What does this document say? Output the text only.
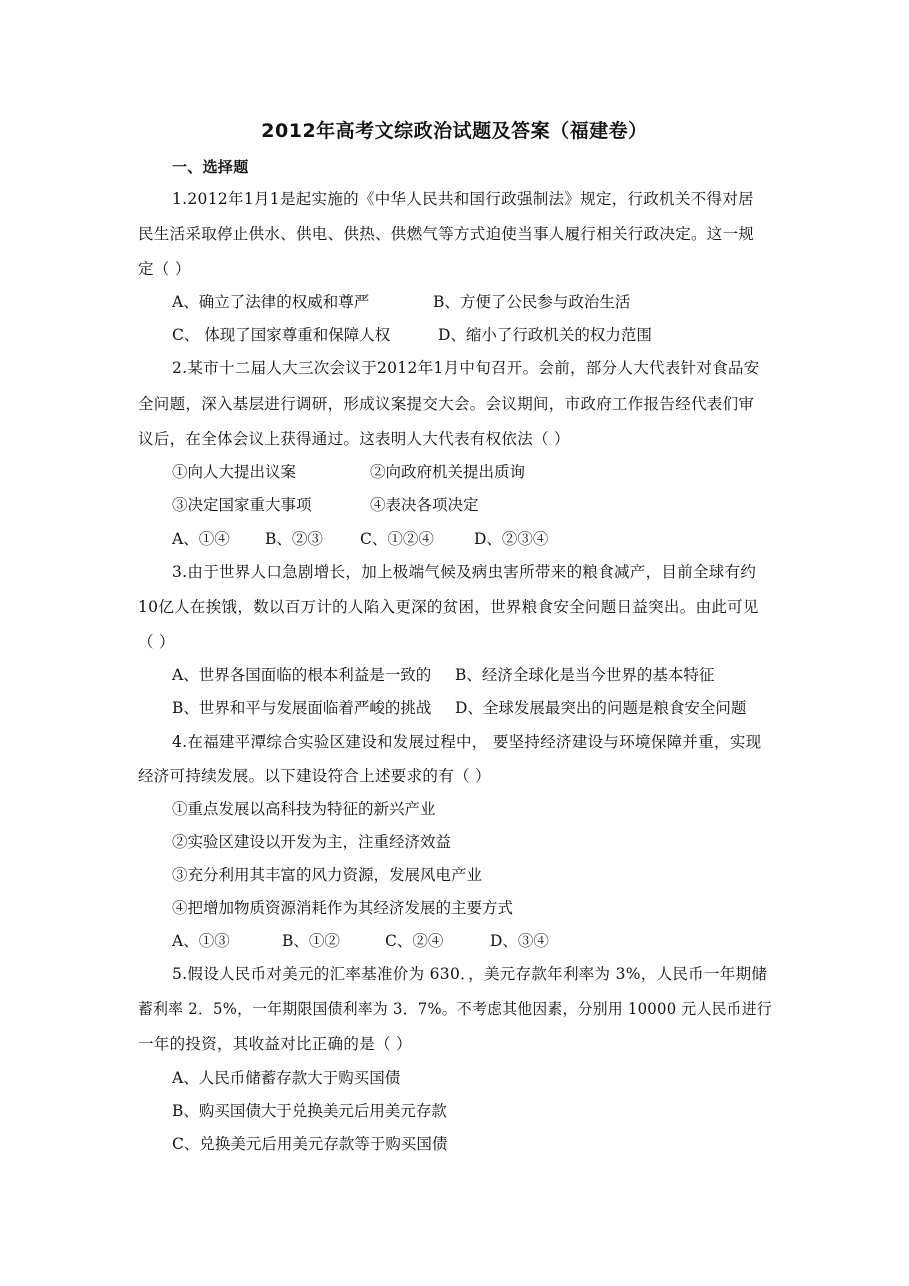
2012年高考文综政治试题及答案（福建卷）
一、选择题
1.2012年1月1是起实施的《中华人民共和国行政强制法》规定，行政机关不得对居
民生活采取停止供水、供电、供热、供燃气等方式迫使当事人履行相关行政决定。这一规
定（ ）
A、确立了法律的权威和尊严	B、方便了公民参与政治生活
C、 体现了国家尊重和保障人权	D、缩小了行政机关的权力范围
2.某市十二届人大三次会议于2012年1月中旬召开。会前，部分人大代表针对食品安
全问题，深入基层进行调研，形成议案提交大会。会议期间，市政府工作报告经代表们审
议后，在全体会议上获得通过。这表明人大代表有权依法（ ）
①向人大提出议案	②向政府机关提出质询
③决定国家重大事项	④表决各项决定
A、①④ B、②③ C、①②④	D、②③④
3.由于世界人口急剧增长，加上极端气候及病虫害所带来的粮食减产，目前全球有约
10亿人在挨饿，数以百万计的人陷入更深的贫困，世界粮食安全问题日益突出。由此可见
（ ）
A、世界各国面临的根本利益是一致的 B、经济全球化是当今世界的基本特征
B、世界和平与发展面临着严峻的挑战 D、全球发展最突出的问题是粮食安全问题
4.在福建平潭综合实验区建设和发展过程中， 要坚持经济建设与环境保障并重，实现
经济可持续发展。以下建设符合上述要求的有（ ）
①重点发展以高科技为特征的新兴产业
②实验区建设以开发为主，注重经济效益
③充分利用其丰富的风力资源，发展风电产业
④把增加物质资源消耗作为其经济发展的主要方式
A、①③	B、①②	C、②④	D、③④
5.假设人民币对美元的汇率基准价为 630．，美元存款年利率为 3%，人民币一年期储
蓄利率 2．5%，一年期限国债利率为 3．7%。不考虑其他因素，分别用 10000 元人民币进行
一年的投资，其收益对比正确的是（ ）
A、人民币储蓄存款大于购买国债
B、购买国债大于兑换美元后用美元存款
C、兑换美元后用美元存款等于购买国债
